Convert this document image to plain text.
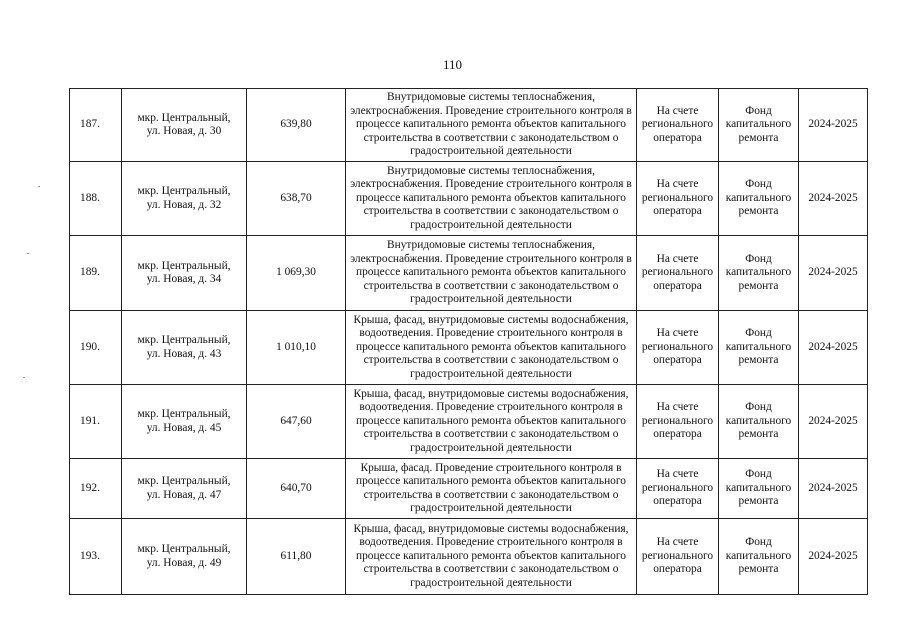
110
187.	мкр. Центральный, ул. Новая, д. 30	639,80	Внутридомовые системы теплоснабжения, электроснабжения. Проведение строительного контроля в процессе капитального ремонта объектов капитального строительства в соответствии с законодательством о градостроительной деятельности	На счете регионального оператора	Фонд капитального ремонта	2024-2025
188.	мкр. Центральный, ул. Новая, д. 32	638,70	Внутридомовые системы теплоснабжения, электроснабжения. Проведение строительного контроля в процессе капитального ремонта объектов капитального строительства в соответствии с законодательством о градостроительной деятельности	На счете регионального оператора	Фонд капитального ремонта	2024-2025
189.	мкр. Центральный, ул. Новая, д. 34	1 069,30	Внутридомовые системы теплоснабжения, электроснабжения. Проведение строительного контроля в процессе капитального ремонта объектов капитального строительства в соответствии с законодательством о градостроительной деятельности	На счете регионального оператора	Фонд капитального ремонта	2024-2025
190.	мкр. Центральный, ул. Новая, д. 43	1 010,10	Крыша, фасад, внутридомовые системы водоснабжения, водоотведения. Проведение строительного контроля в процессе капитального ремонта объектов капитального строительства в соответствии с законодательством о градостроительной деятельности	На счете регионального оператора	Фонд капитального ремонта	2024-2025
191.	мкр. Центральный, ул. Новая, д. 45	647,60	Крыша, фасад, внутридомовые системы водоснабжения, водоотведения. Проведение строительного контроля в процессе капитального ремонта объектов капитального строительства в соответствии с законодательством о градостроительной деятельности	На счете регионального оператора	Фонд капитального ремонта	2024-2025
192.	мкр. Центральный, ул. Новая, д. 47	640,70	Крыша, фасад. Проведение строительного контроля в процессе капитального ремонта объектов капитального строительства в соответствии с законодательством о градостроительной деятельности	На счете регионального оператора	Фонд капитального ремонта	2024-2025
193.	мкр. Центральный, ул. Новая, д. 49	611,80	Крыша, фасад, внутридомовые системы водоснабжения, водоотведения. Проведение строительного контроля в процессе капитального ремонта объектов капитального строительства в соответствии с законодательством о градостроительной деятельности	На счете регионального оператора	Фонд капитального ремонта	2024-2025
